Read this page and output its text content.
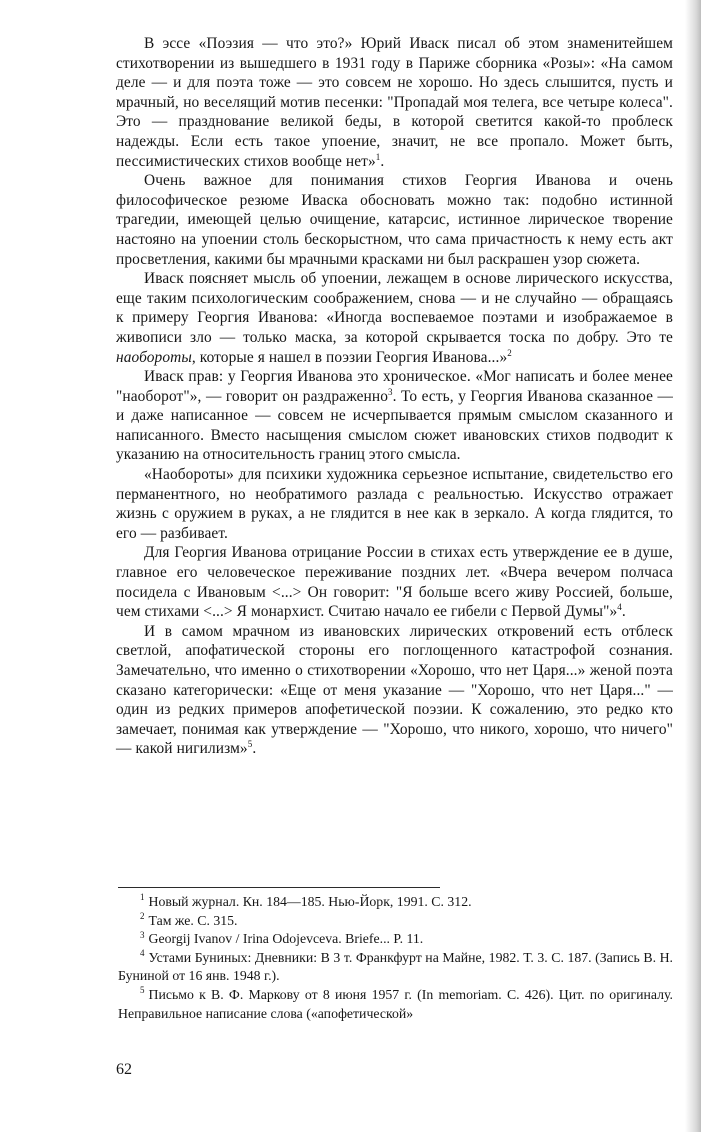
В эссе «Поэзия — что это?» Юрий Иваск писал об этом знаменитейшем стихотворении из вышедшего в 1931 году в Париже сборника «Розы»: «На самом деле — и для поэта тоже — это совсем не хорошо. Но здесь слышится, пусть и мрачный, но веселящий мотив песенки: "Пропадай моя телега, все четыре колеса". Это — празднование великой беды, в которой светится какой-то проблеск надежды. Если есть такое упоение, значит, не все пропало. Может быть, пессимистических стихов вообще нет»$^1$.

Очень важное для понимания стихов Георгия Иванова и очень философическое резюме Иваска обосновать можно так: подобно истинной трагедии, имеющей целью очищение, катарсис, истинное лирическое творение настояно на упоении столь бескорыстном, что сама причастность к нему есть акт просветления, какими бы мрачными красками ни был раскрашен узор сюжета.

Иваск поясняет мысль об упоении, лежащем в основе лирического искусства, еще таким психологическим соображением, снова — и не случайно — обращаясь к примеру Георгия Иванова: «Иногда воспеваемое поэтами и изображаемое в живописи зло — только маска, за которой скрывается тоска по добру. Это те наобороты, которые я нашел в поэзии Георгия Иванова...»$^2$

Иваск прав: у Георгия Иванова это хроническое. «Мог написать и более менее "наоборот"», — говорит он раздраженно$^3$. То есть, у Георгия Иванова сказанное — и даже написанное — совсем не исчерпывается прямым смыслом сказанного и написанного. Вместо насыщения смыслом сюжет ивановских стихов подводит к указанию на относительность границ этого смысла.

«Наобороты» для психики художника серьезное испытание, свидетельство его перманентного, но необратимого разлада с реальностью. Искусство отражает жизнь с оружием в руках, а не глядится в нее как в зеркало. А когда глядится, то его — разбивает.

Для Георгия Иванова отрицание России в стихах есть утверждение ее в душе, главное его человеческое переживание поздних лет. «Вчера вечером полчаса посидела с Ивановым <...> Он говорит: "Я больше всего живу Россией, больше, чем стихами <...> Я монархист. Считаю начало ее гибели с Первой Думы"»$^4$.

И в самом мрачном из ивановских лирических откровений есть отблеск светлой, апофатической стороны его поглощенного катастрофой сознания. Замечательно, что именно о стихотворении «Хорошо, что нет Царя...» женой поэта сказано категорически: «Еще от меня указание — "Хорошо, что нет Царя..." — один из редких примеров апофетической поэзии. К сожалению, это редко кто замечает, понимая как утверждение — "Хорошо, что никого, хорошо, что ничего" — какой нигилизм»$^5$.

$^1$ Новый журнал. Кн. 184—185. Нью-Йорк, 1991. С. 312.

$^2$ Там же. С. 315.

$^3$ Georgij Ivanov / Irina Odojevceva. Briefe... P. 11.

$^4$ Устами Буниных: Дневники: В 3 т. Франкфурт на Майне, 1982. Т. 3. С. 187. (Запись В. Н. Буниной от 16 янв. 1948 г.).

$^5$ Письмо к В. Ф. Маркову от 8 июня 1957 г. (In memoriam. С. 426). Цит. по оригиналу. Неправильное написание слова («апофетической»

62
